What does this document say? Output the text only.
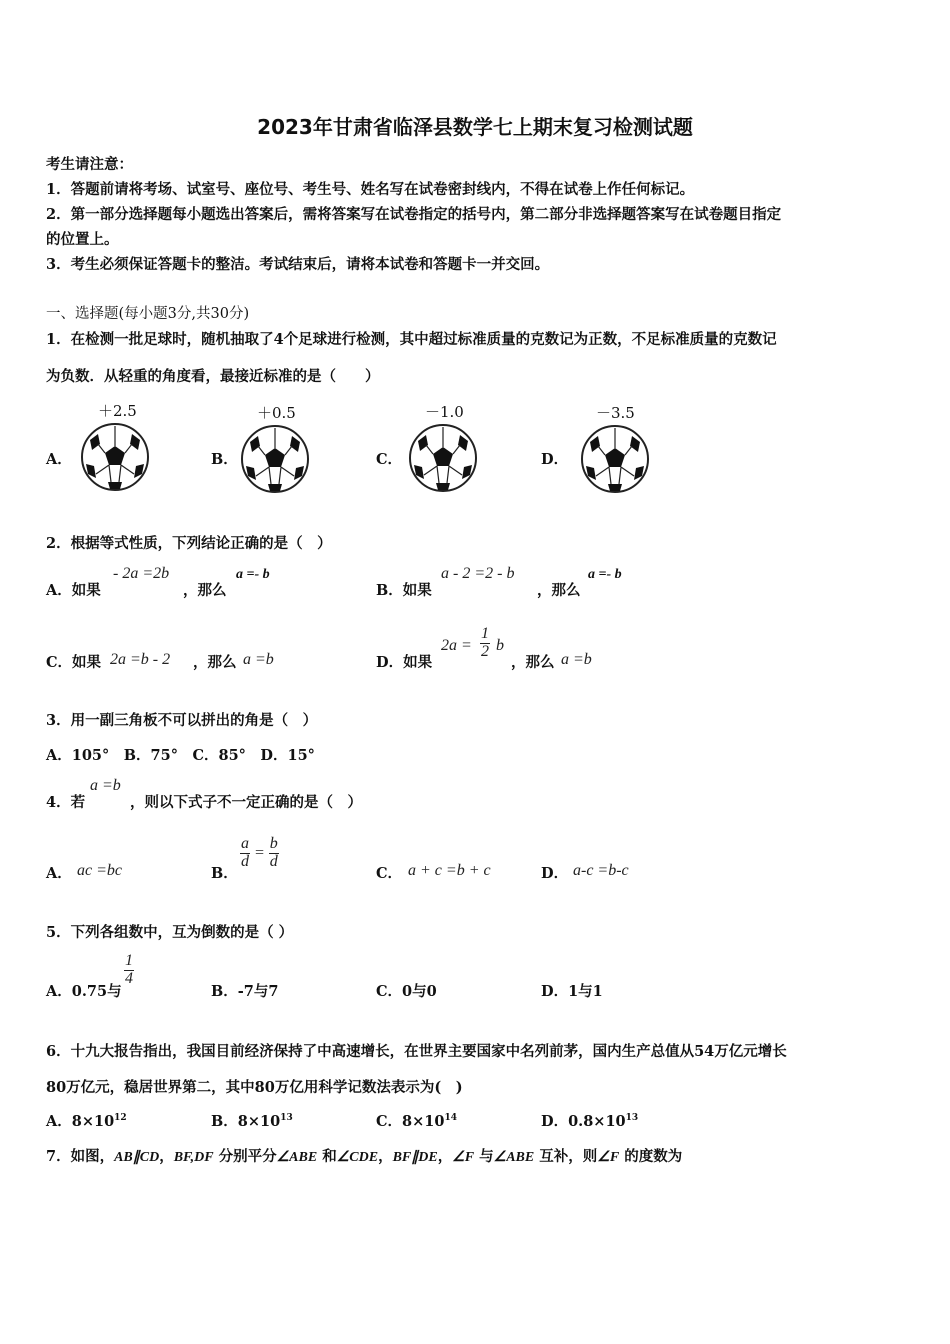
2023年甘肃省临泽县数学七上期末复习检测试题
考生请注意：
1．答题前请将考场、试室号、座位号、考生号、姓名写在试卷密封线内，不得在试卷上作任何标记。
2．第一部分选择题每小题选出答案后，需将答案写在试卷指定的括号内，第二部分非选择题答案写在试卷题目指定
的位置上。
3．考生必须保证答题卡的整洁。考试结束后，请将本试卷和答题卡一并交回。
一、选择题(每小题3分,共30分)
1．在检测一批足球时，随机抽取了4个足球进行检测，其中超过标准质量的克数记为正数，不足标准质量的克数记
为负数．从轻重的角度看，最接近标准的是（　　）
A．
＋2.5
B．
＋0.5
C．
－1.0
D．
－3.5
2．根据等式性质，下列结论正确的是（　）
A．如果
- 2a =2b
，那么
a =- b
B．如果
a - 2 =2 - b
，那么
a =- b
C．如果 2a =b - 2 ，那么 a =b	D．如果
$2a = \frac{1}{2}$ b
，那么 a =b
3．用一副三角板不可以拼出的角是（　）
A．105°　B．75°　C．85°　D．15°
4．若
a =b
，则以下式子不一定正确的是（　）
A． ac =bc	B．
$\frac{a}{d} = \frac{b}{d}$
C． a + c =b + c	D． a-c =b-c
5．下列各组数中，互为倒数的是（ ）
A．0.75与
$\frac{1}{4}$
B．-7与7	C．0与0	D．1与1
6．十九大报告指出，我国目前经济保持了中高速增长，在世界主要国家中名列前茅，国内生产总值从54万亿元增长
80万亿元，稳居世界第二，其中80万亿用科学记数法表示为(　)
A．$8\times 10^{12}$	B．$8\times 10^{13}$	C．$8\times 10^{14}$	D．$0.8\times 10^{13}$
7．如图，AB∥CD，BF,DF 分别平分∠ABE 和∠CDE，BF∥DE，∠F 与∠ABE 互补，则∠F 的度数为
